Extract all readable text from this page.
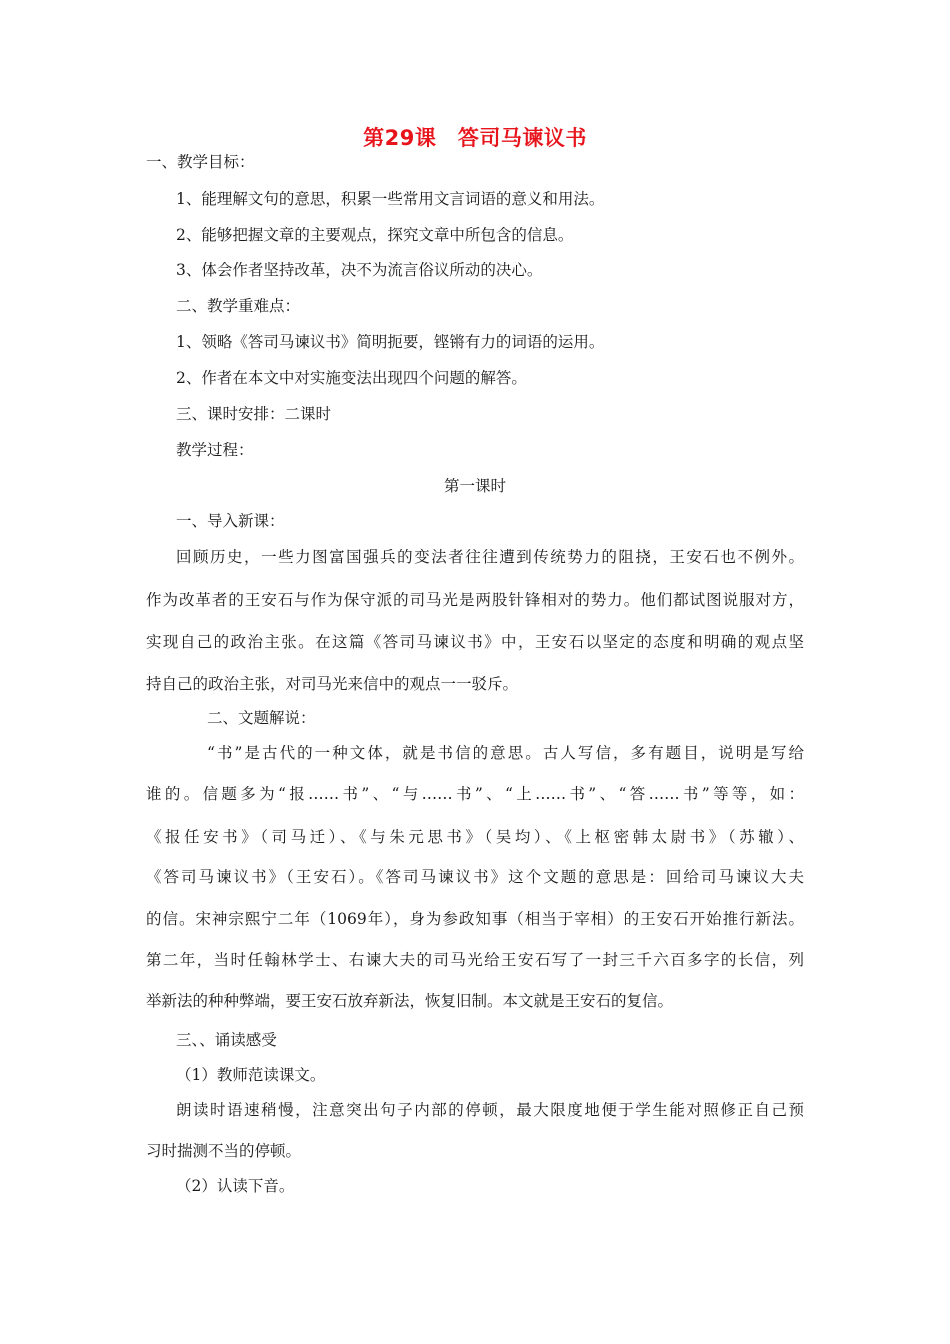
第29课　答司马谏议书
一、教学目标：
1、能理解文句的意思，积累一些常用文言词语的意义和用法。
2、能够把握文章的主要观点，探究文章中所包含的信息。
3、体会作者坚持改革，决不为流言俗议所动的决心。
二、教学重难点：
1、领略《答司马谏议书》简明扼要，铿锵有力的词语的运用。
2、作者在本文中对实施变法出现四个问题的解答。
三、课时安排：二课时
教学过程：
第一课时
一、导入新课：
回顾历史，一些力图富国强兵的变法者往往遭到传统势力的阻挠，王安石也不例外。
作为改革者的王安石与作为保守派的司马光是两股针锋相对的势力。他们都试图说服对方，
实现自己的政治主张。在这篇《答司马谏议书》中，王安石以坚定的态度和明确的观点坚
持自己的政治主张，对司马光来信中的观点一一驳斥。
二、文题解说：
“书”是古代的一种文体，就是书信的意思。古人写信，多有题目，说明是写给
谁的。信题多为“报……书”、“与……书”、“上……书”、“答……书”等等，如：
《报任安书》（司马迁）、《与朱元思书》（吴均）、《上枢密韩太尉书》（苏辙）、
《答司马谏议书》（王安石）。《答司马谏议书》这个文题的意思是：回给司马谏议大夫
的信。宋神宗熙宁二年（1069年），身为参政知事（相当于宰相）的王安石开始推行新法。
第二年，当时任翰林学士、右谏大夫的司马光给王安石写了一封三千六百多字的长信，列
举新法的种种弊端，要王安石放弃新法，恢复旧制。本文就是王安石的复信。
三、、诵读感受
（1）教师范读课文。
朗读时语速稍慢，注意突出句子内部的停顿，最大限度地便于学生能对照修正自己预
习时揣测不当的停顿。
（2）认读下音。
